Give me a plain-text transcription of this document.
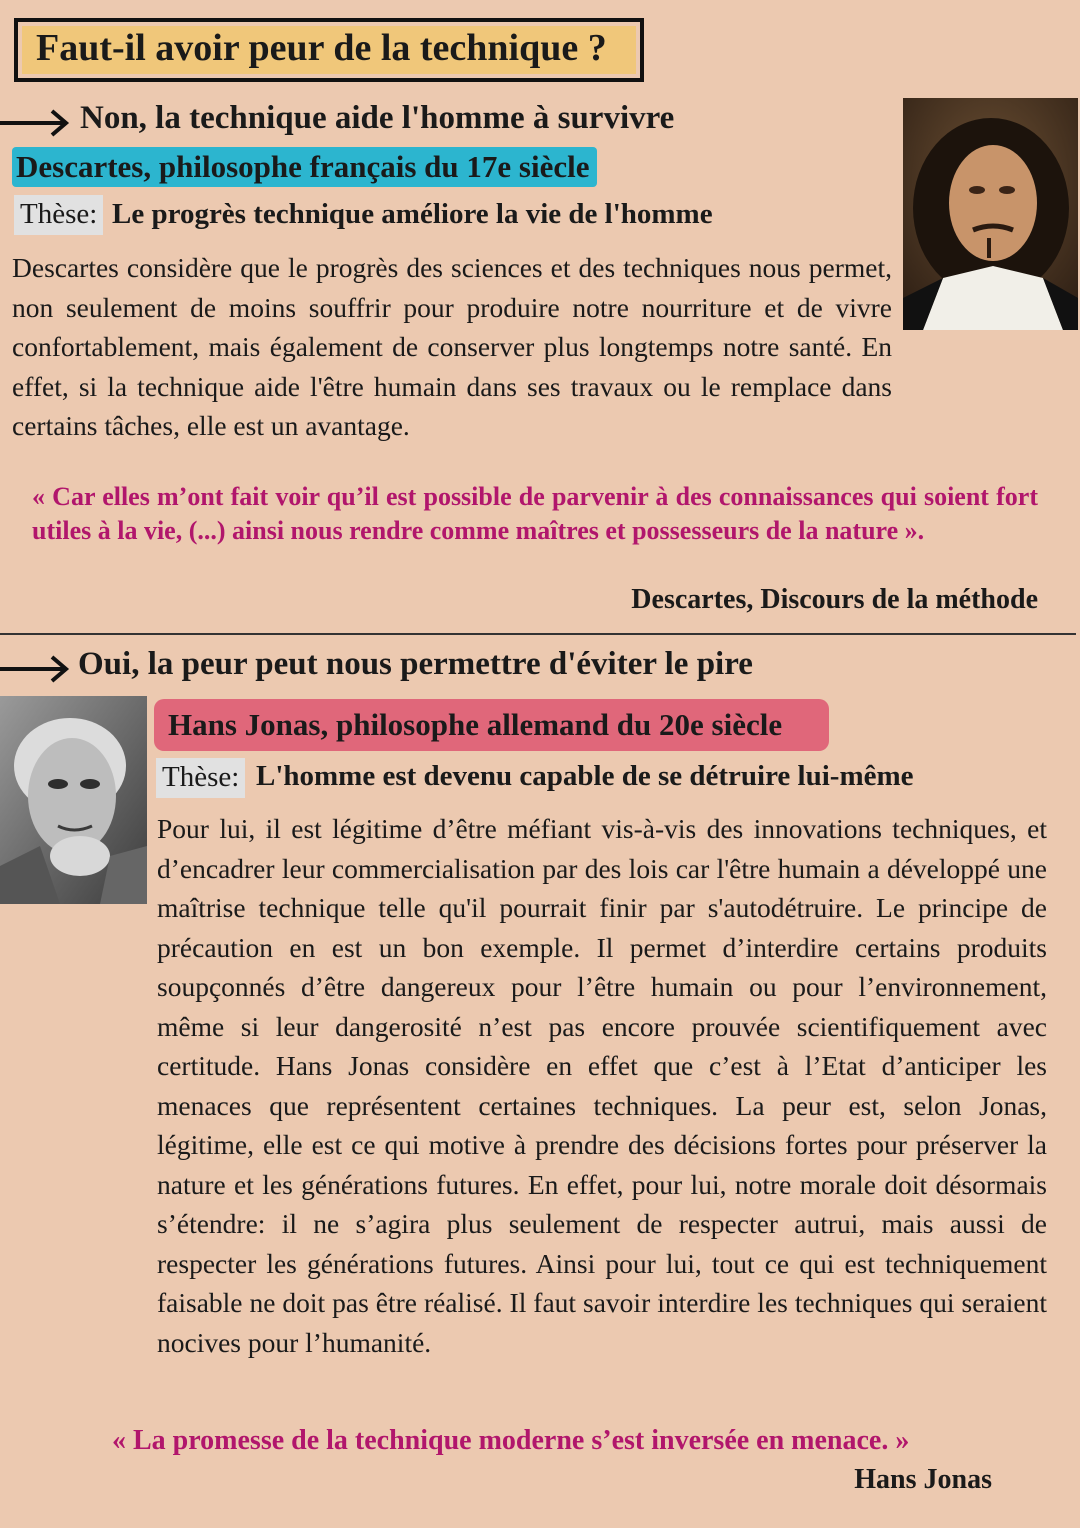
Faut-il avoir peur de la technique ?
Non, la technique aide l'homme à survivre
Descartes, philosophe français du 17e siècle
Thèse: Le progrès technique améliore la vie de l'homme
Descartes considère que le progrès des sciences et des techniques nous permet, non seulement de moins souffrir pour produire notre nourriture et de vivre confortablement, mais également de conserver plus longtemps notre santé. En effet, si la technique aide l'être humain dans ses travaux ou le remplace dans certains tâches, elle est un avantage.
« Car elles m’ont fait voir qu’il est possible de parvenir à des connaissances qui soient fort utiles à la vie, (...) ainsi nous rendre comme maîtres et possesseurs de la nature ».
Descartes, Discours de la méthode
Oui, la peur peut nous permettre d'éviter le pire
Hans Jonas, philosophe allemand du 20e siècle
Thèse: L'homme est devenu capable de se détruire lui-même
Pour lui, il est légitime d’être méfiant vis-à-vis des innovations techniques, et d’encadrer leur commercialisation par des lois car l'être humain a développé une maîtrise technique telle qu'il pourrait finir par s'autodétruire. Le principe de précaution en est un bon exemple. Il permet d’interdire certains produits soupçonnés d’être dangereux pour l’être humain ou pour l’environnement, même si leur dangerosité n’est pas encore prouvée scientifiquement avec certitude. Hans Jonas considère en effet que c’est à l’Etat d’anticiper les menaces que représentent certaines techniques. La peur est, selon Jonas, légitime, elle est ce qui motive à prendre des décisions fortes pour préserver la nature et les générations futures. En effet, pour lui, notre morale doit désormais s’étendre: il ne s’agira plus seulement de respecter autrui, mais aussi de respecter les générations futures. Ainsi pour lui, tout ce qui est techniquement faisable ne doit pas être réalisé. Il faut savoir interdire les techniques qui seraient nocives pour l’humanité.
« La promesse de la technique moderne s’est inversée en menace. »
Hans Jonas
